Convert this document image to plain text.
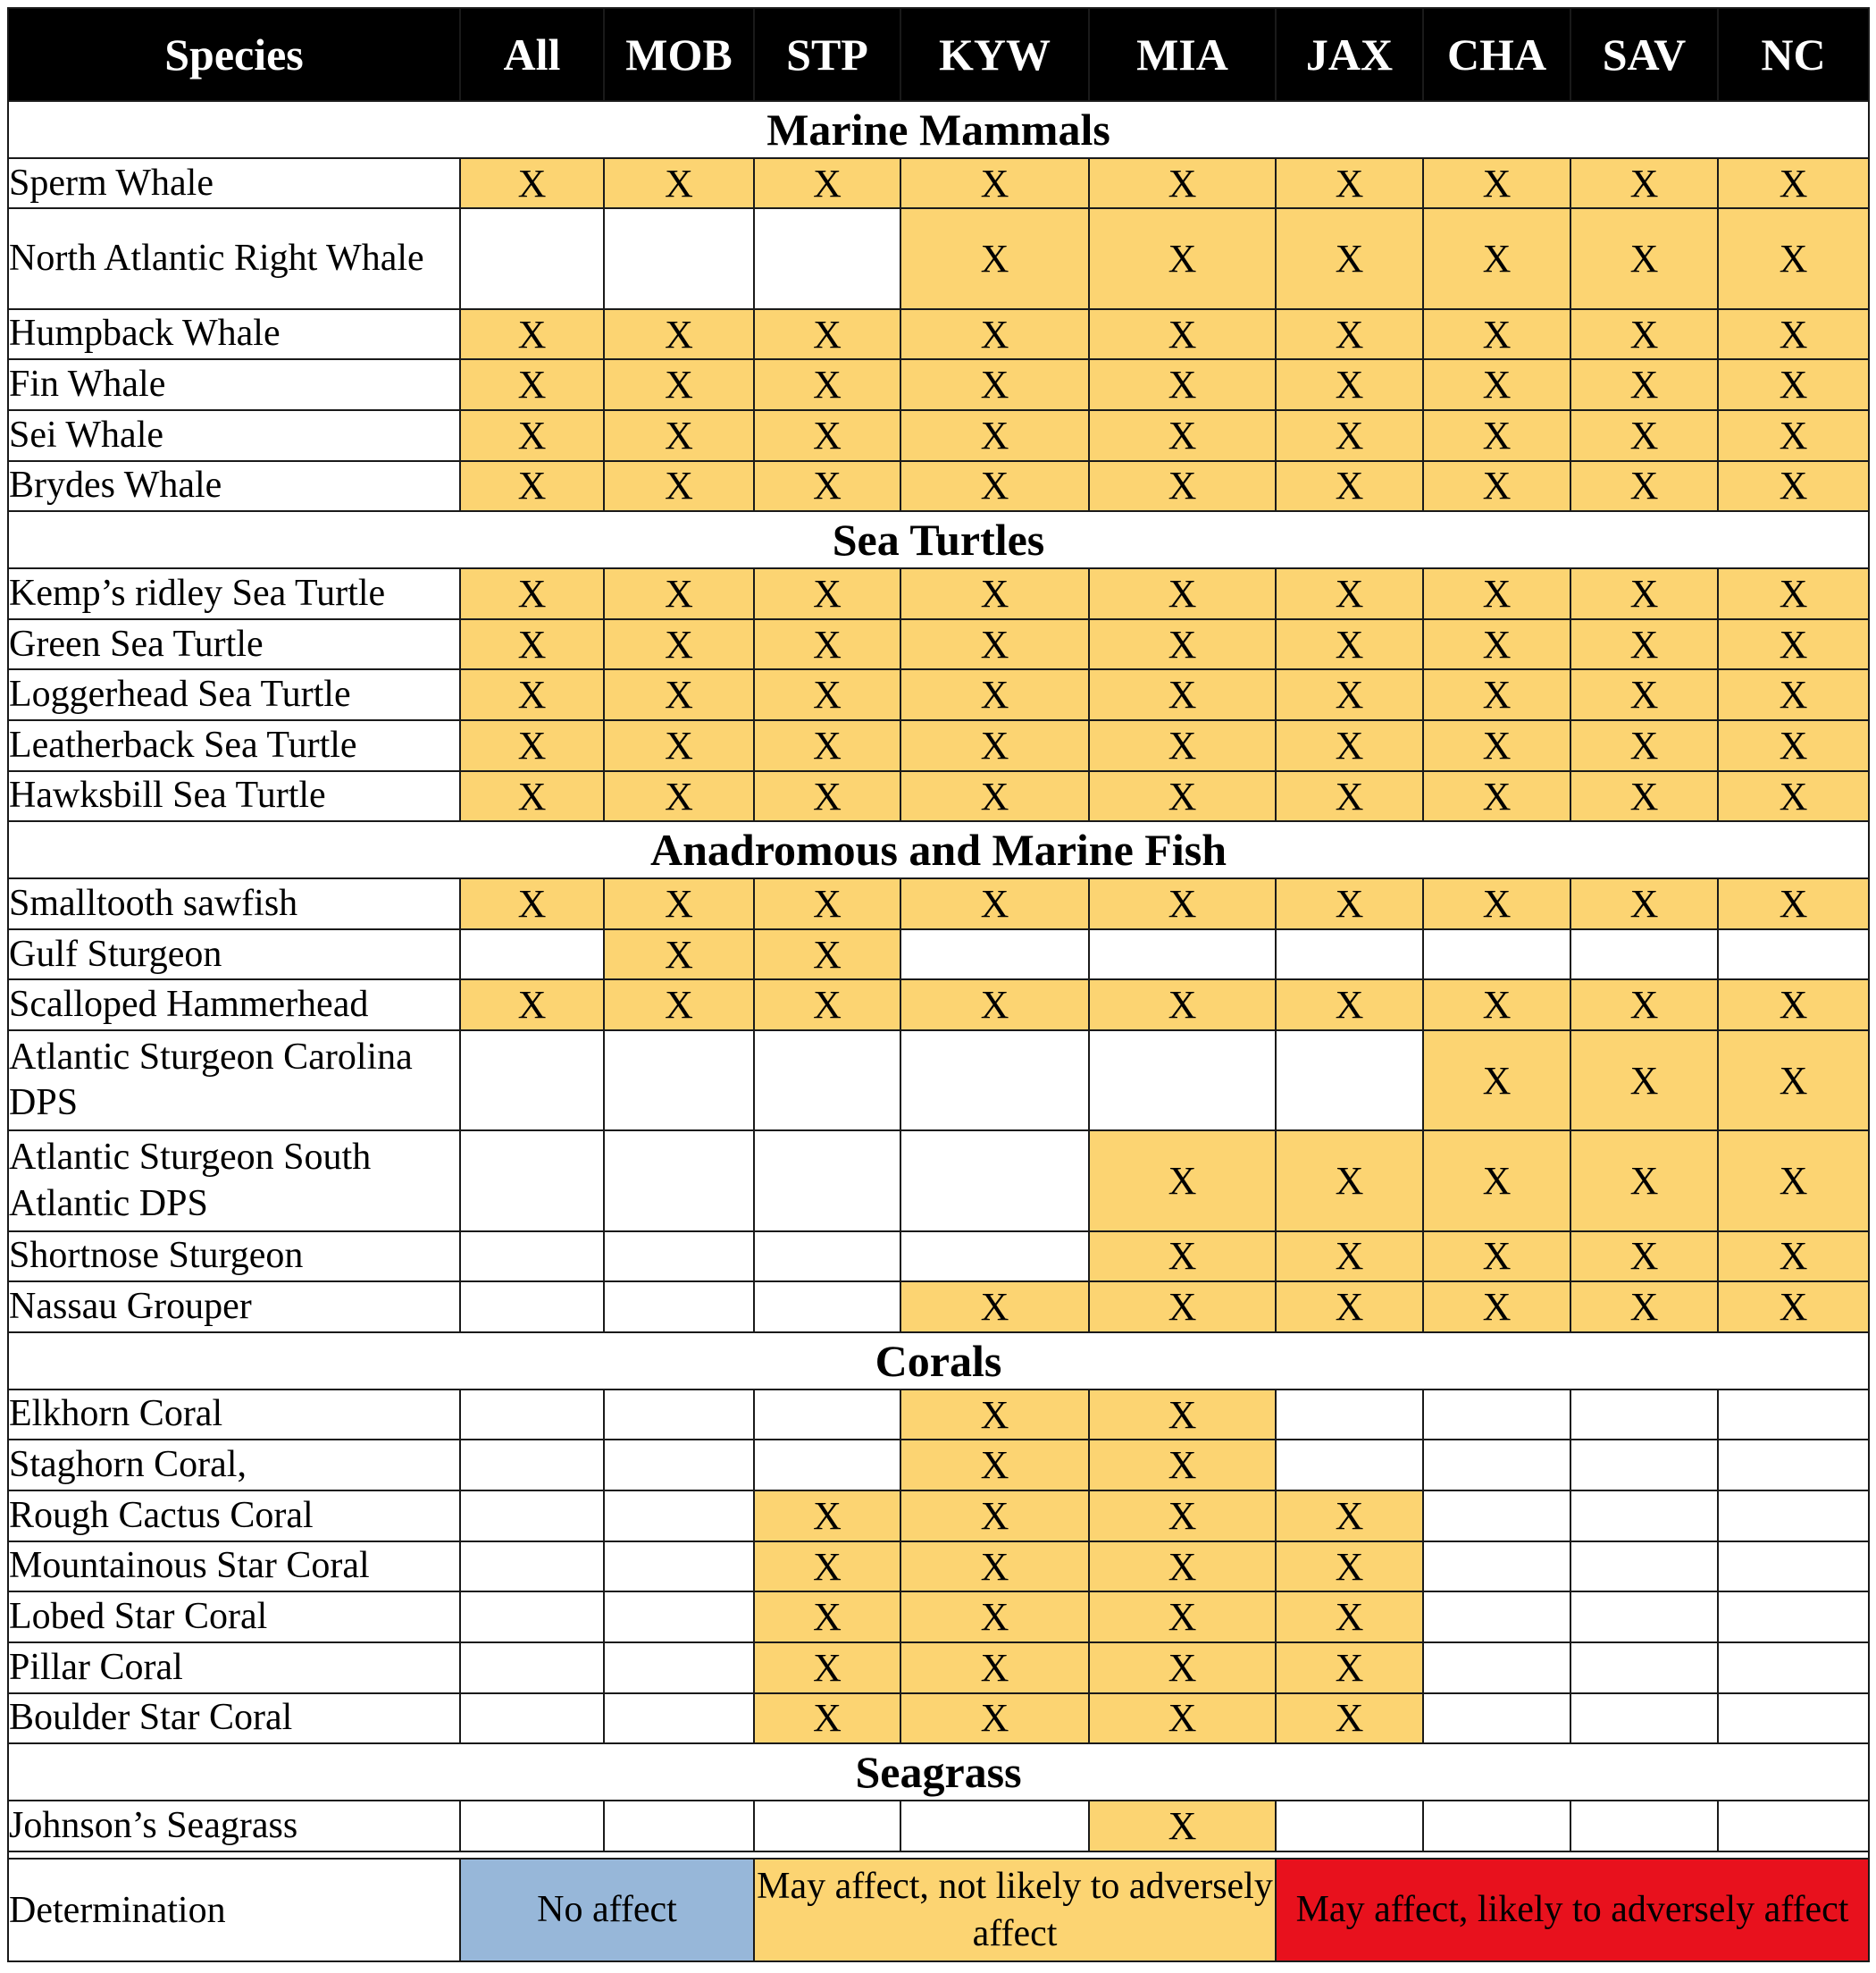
Species	All	MOB	STP	KYW	MIA	JAX	CHA	SAV	NC
Marine Mammals									
Sperm Whale	X	X	X	X	X	X	X	X	X
North Atlantic Right Whale				X	X	X	X	X	X
Humpback Whale	X	X	X	X	X	X	X	X	X
Fin Whale	X	X	X	X	X	X	X	X	X
Sei Whale	X	X	X	X	X	X	X	X	X
Brydes Whale	X	X	X	X	X	X	X	X	X
Sea Turtles									
Kemp’s ridley Sea Turtle	X	X	X	X	X	X	X	X	X
Green Sea Turtle	X	X	X	X	X	X	X	X	X
Loggerhead Sea Turtle	X	X	X	X	X	X	X	X	X
Leatherback Sea Turtle	X	X	X	X	X	X	X	X	X
Hawksbill Sea Turtle	X	X	X	X	X	X	X	X	X
Anadromous and Marine Fish									
Smalltooth sawfish	X	X	X	X	X	X	X	X	X
Gulf Sturgeon		X	X						
Scalloped Hammerhead	X	X	X	X	X	X	X	X	X
Atlantic Sturgeon Carolina DPS							X	X	X
Atlantic Sturgeon South Atlantic DPS					X	X	X	X	X
Shortnose Sturgeon					X	X	X	X	X
Nassau Grouper				X	X	X	X	X	X
Corals									
Elkhorn Coral				X	X				
Staghorn Coral,				X	X				
Rough Cactus Coral			X	X	X	X			
Mountainous Star Coral			X	X	X	X			
Lobed Star Coral			X	X	X	X			
Pillar Coral			X	X	X	X			
Boulder Star Coral			X	X	X	X			
Seagrass									
Johnson’s Seagrass					X				

Determination	No affect		May affect, not likely to adversely affect			May affect, likely to adversely affect			
